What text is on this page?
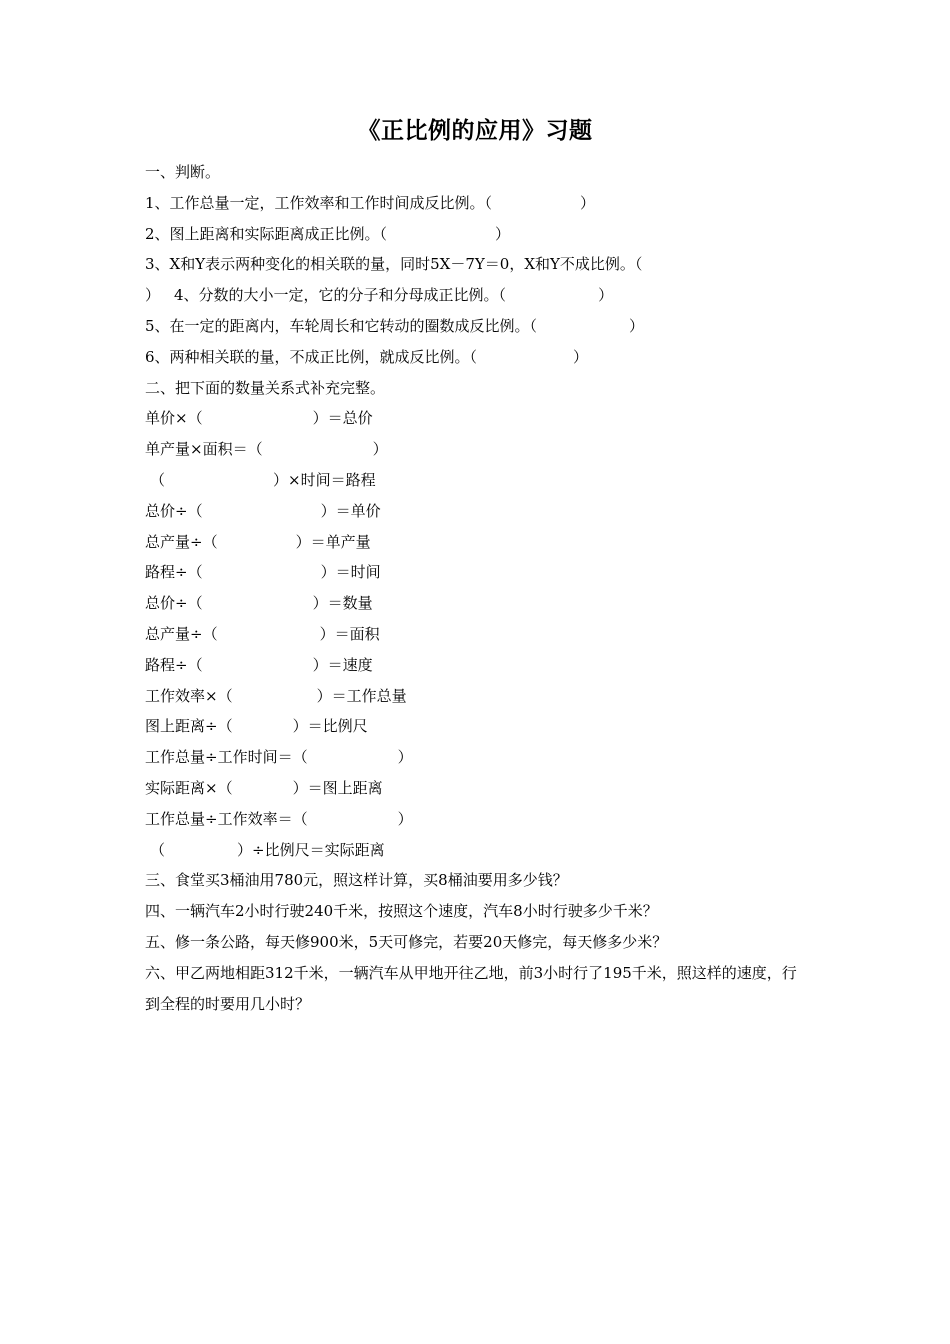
《正比例的应用》习题
一、判断。
1、工作总量一定，工作效率和工作时间成反比例。（	）
2、图上距离和实际距离成正比例。（	）
3、X和Y表示两种变化的相关联的量，同时5X－7Y＝0，X和Y不成比例。（
） 4、分数的大小一定，它的分子和分母成正比例。（	）
5、在一定的距离内，车轮周长和它转动的圈数成反比例。（	）
6、两种相关联的量，不成正比例，就成反比例。（	）
二、把下面的数量关系式补充完整。
单价×（	）＝总价
单产量×面积＝（	）
（	）×时间＝路程
总价÷（	）＝单价
总产量÷（	）＝单产量
路程÷（	）＝时间
总价÷（	）＝数量
总产量÷（	）＝面积
路程÷（	）＝速度
工作效率×（	）＝工作总量
图上距离÷（	）＝比例尺
工作总量÷工作时间＝（	）
实际距离×（	）＝图上距离
工作总量÷工作效率＝（	）
（	）÷比例尺＝实际距离
三、食堂买3桶油用780元，照这样计算，买8桶油要用多少钱？
四、一辆汽车2小时行驶240千米，按照这个速度，汽车8小时行驶多少千米？
五、修一条公路，每天修900米，5天可修完，若要20天修完，每天修多少米？
六、甲乙两地相距312千米，一辆汽车从甲地开往乙地，前3小时行了195千米，照这样的速度，行到全程的时要用几小时？
